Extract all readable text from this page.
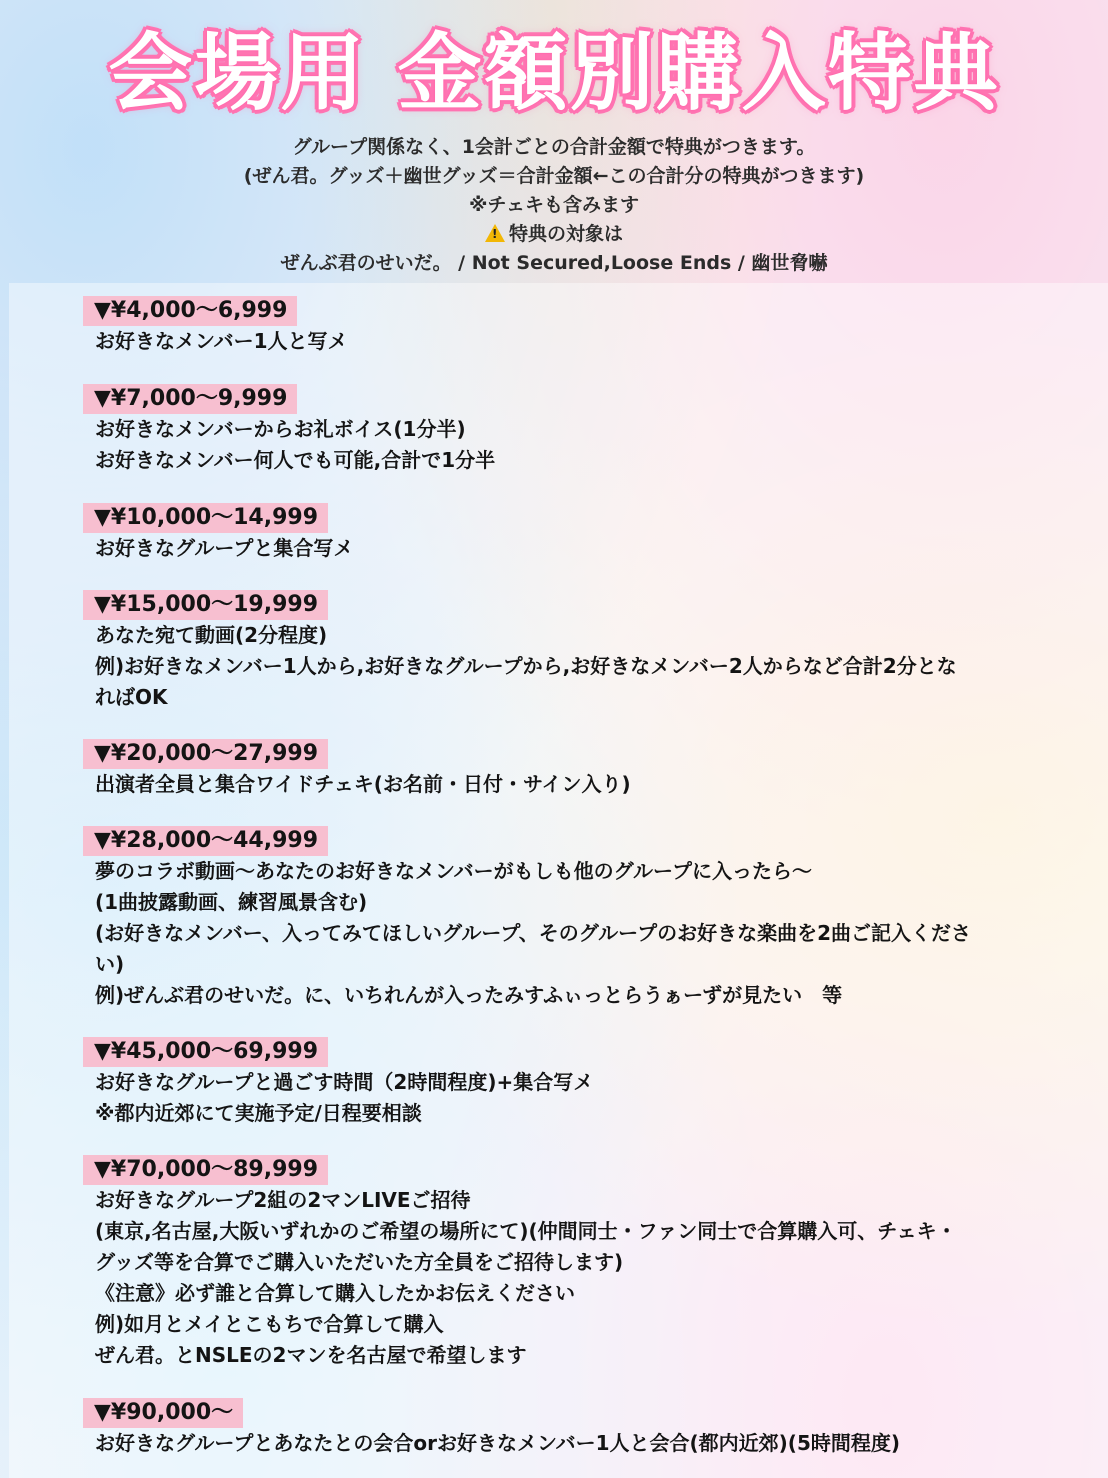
会場用 金額別購入特典
グループ関係なく、1会計ごとの合計金額で特典がつきます。
(ぜん君。グッズ＋幽世グッズ＝合計金額←この合計分の特典がつきます)
※チェキも含みます
!特典の対象は
ぜんぶ君のせいだ。 / Not Secured,Loose Ends / 幽世脅嚇
▼¥4,000〜6,999
お好きなメンバー1人と写メ
▼¥7,000〜9,999
お好きなメンバーからお礼ボイス(1分半)
お好きなメンバー何人でも可能,合計で1分半
▼¥10,000〜14,999
お好きなグループと集合写メ
▼¥15,000〜19,999
あなた宛て動画(2分程度)
例)お好きなメンバー1人から,お好きなグループから,お好きなメンバー2人からなど合計2分とな
ればOK
▼¥20,000〜27,999
出演者全員と集合ワイドチェキ(お名前・日付・サイン入り)
▼¥28,000〜44,999
夢のコラボ動画〜あなたのお好きなメンバーがもしも他のグループに入ったら〜
(1曲披露動画、練習風景含む)
(お好きなメンバー、入ってみてほしいグループ、そのグループのお好きな楽曲を2曲ご記入くださ
い)
例)ぜんぶ君のせいだ。に、いちれんが入ったみすふぃっとらうぁーずが見たい　等
▼¥45,000〜69,999
お好きなグループと過ごす時間（2時間程度)+集合写メ
※都内近郊にて実施予定/日程要相談
▼¥70,000〜89,999
お好きなグループ2組の2マンLIVEご招待
(東京,名古屋,大阪いずれかのご希望の場所にて)(仲間同士・ファン同士で合算購入可、チェキ・
グッズ等を合算でご購入いただいた方全員をご招待します)
《注意》必ず誰と合算して購入したかお伝えください
例)如月とメイとこもちで合算して購入
ぜん君。とNSLEの2マンを名古屋で希望します
▼¥90,000〜
お好きなグループとあなたとの会合orお好きなメンバー1人と会合(都内近郊)(5時間程度)
